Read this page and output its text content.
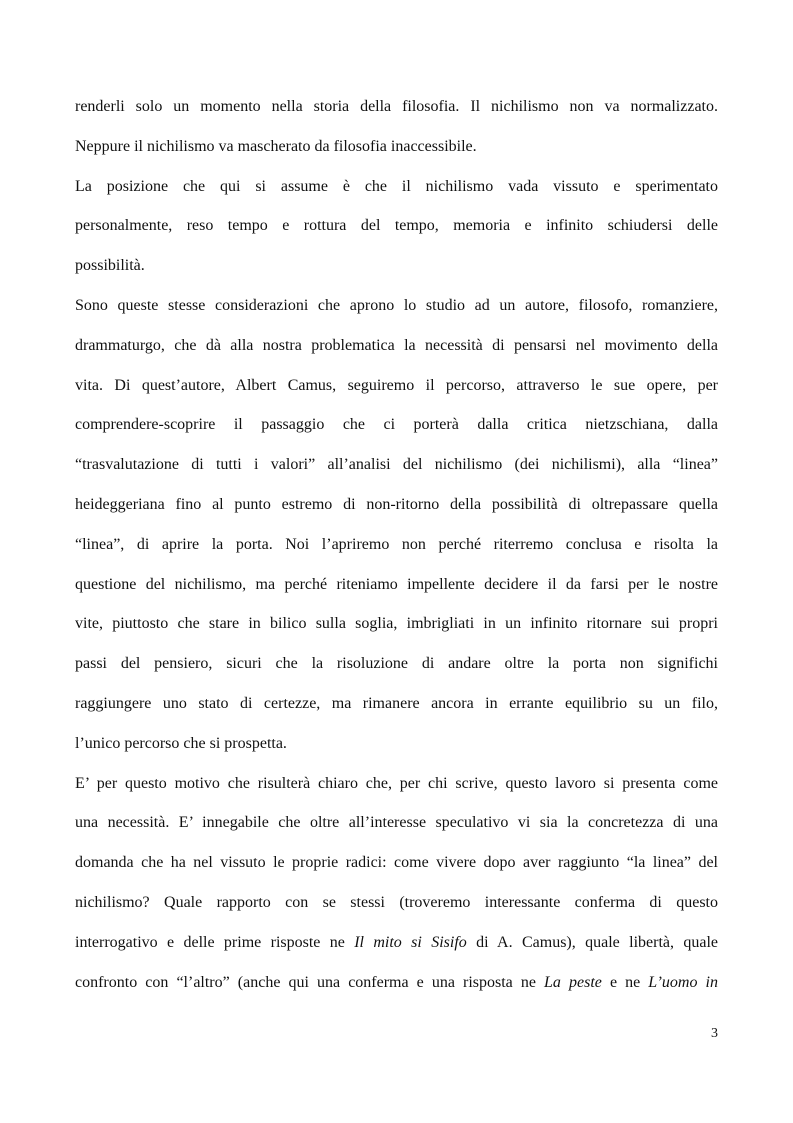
renderli solo un momento nella storia della filosofia. Il nichilismo non va normalizzato.
Neppure il nichilismo va mascherato da filosofia inaccessibile.
La posizione che qui si assume è che il nichilismo vada vissuto e sperimentato
personalmente, reso tempo e rottura del tempo, memoria e infinito schiudersi delle
possibilità.
Sono queste stesse considerazioni che aprono lo studio ad un autore, filosofo, romanziere,
drammaturgo, che dà alla nostra problematica la necessità di pensarsi nel movimento della
vita. Di quest’autore, Albert Camus, seguiremo il percorso, attraverso le sue opere, per
comprendere-scoprire il passaggio che ci porterà dalla critica nietzschiana, dalla
“trasvalutazione di tutti i valori” all’analisi del nichilismo (dei nichilismi), alla “linea”
heideggeriana fino al punto estremo di non-ritorno della possibilità di oltrepassare quella
“linea”, di aprire la porta. Noi l’apriremo non perché riterremo conclusa e risolta la
questione del nichilismo, ma perché riteniamo impellente decidere il da farsi per le nostre
vite, piuttosto che stare in bilico sulla soglia, imbrigliati in un infinito ritornare sui propri
passi del pensiero, sicuri che la risoluzione di andare oltre la porta non significhi
raggiungere uno stato di certezze, ma rimanere ancora in errante equilibrio su un filo,
l’unico percorso che si prospetta.
E’ per questo motivo che risulterà chiaro che, per chi scrive, questo lavoro si presenta come
una necessità. E’ innegabile che oltre all’interesse speculativo vi sia la concretezza di una
domanda che ha nel vissuto le proprie radici: come vivere dopo aver raggiunto “la linea” del
nichilismo? Quale rapporto con se stessi (troveremo interessante conferma di questo
interrogativo e delle prime risposte ne Il mito si Sisifo di A. Camus), quale libertà, quale
confronto con “l’altro” (anche qui una conferma e una risposta ne La peste e ne L’uomo in
3
